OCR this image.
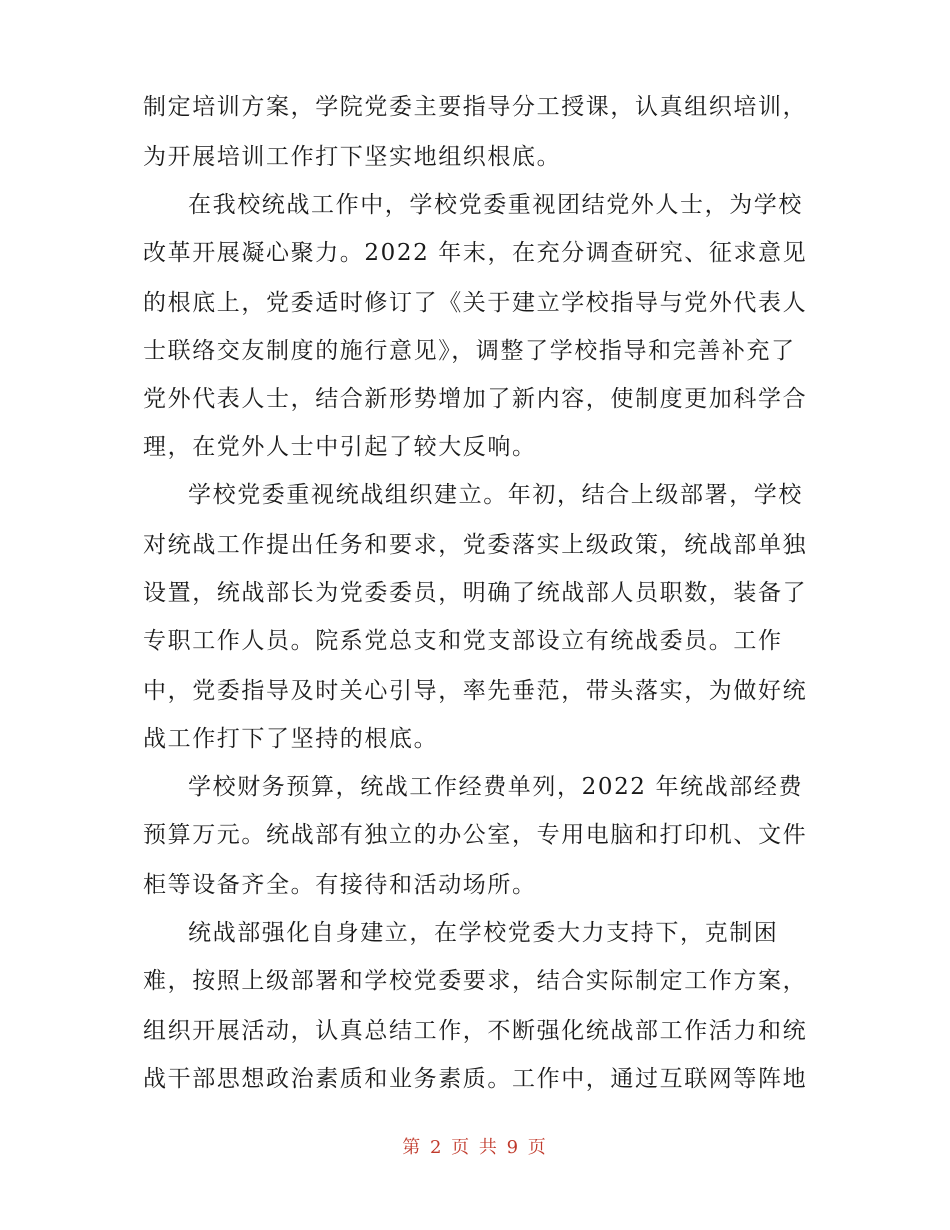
制定培训方案，学院党委主要指导分工授课，认真组织培训，
为开展培训工作打下坚实地组织根底。
在我校统战工作中，学校党委重视团结党外人士，为学校
改革开展凝心聚力。2022 年末，在充分调查研究、征求意见
的根底上，党委适时修订了《关于建立学校指导与党外代表人
士联络交友制度的施行意见》，调整了学校指导和完善补充了
党外代表人士，结合新形势增加了新内容，使制度更加科学合
理，在党外人士中引起了较大反响。
学校党委重视统战组织建立。年初，结合上级部署，学校
对统战工作提出任务和要求，党委落实上级政策，统战部单独
设置，统战部长为党委委员，明确了统战部人员职数，装备了
专职工作人员。院系党总支和党支部设立有统战委员。工作
中，党委指导及时关心引导，率先垂范，带头落实，为做好统
战工作打下了坚持的根底。
学校财务预算，统战工作经费单列，2022 年统战部经费
预算万元。统战部有独立的办公室，专用电脑和打印机、文件
柜等设备齐全。有接待和活动场所。
统战部强化自身建立，在学校党委大力支持下，克制困
难，按照上级部署和学校党委要求，结合实际制定工作方案，
组织开展活动，认真总结工作，不断强化统战部工作活力和统
战干部思想政治素质和业务素质。工作中，通过互联网等阵地
第 2 页 共 9 页
